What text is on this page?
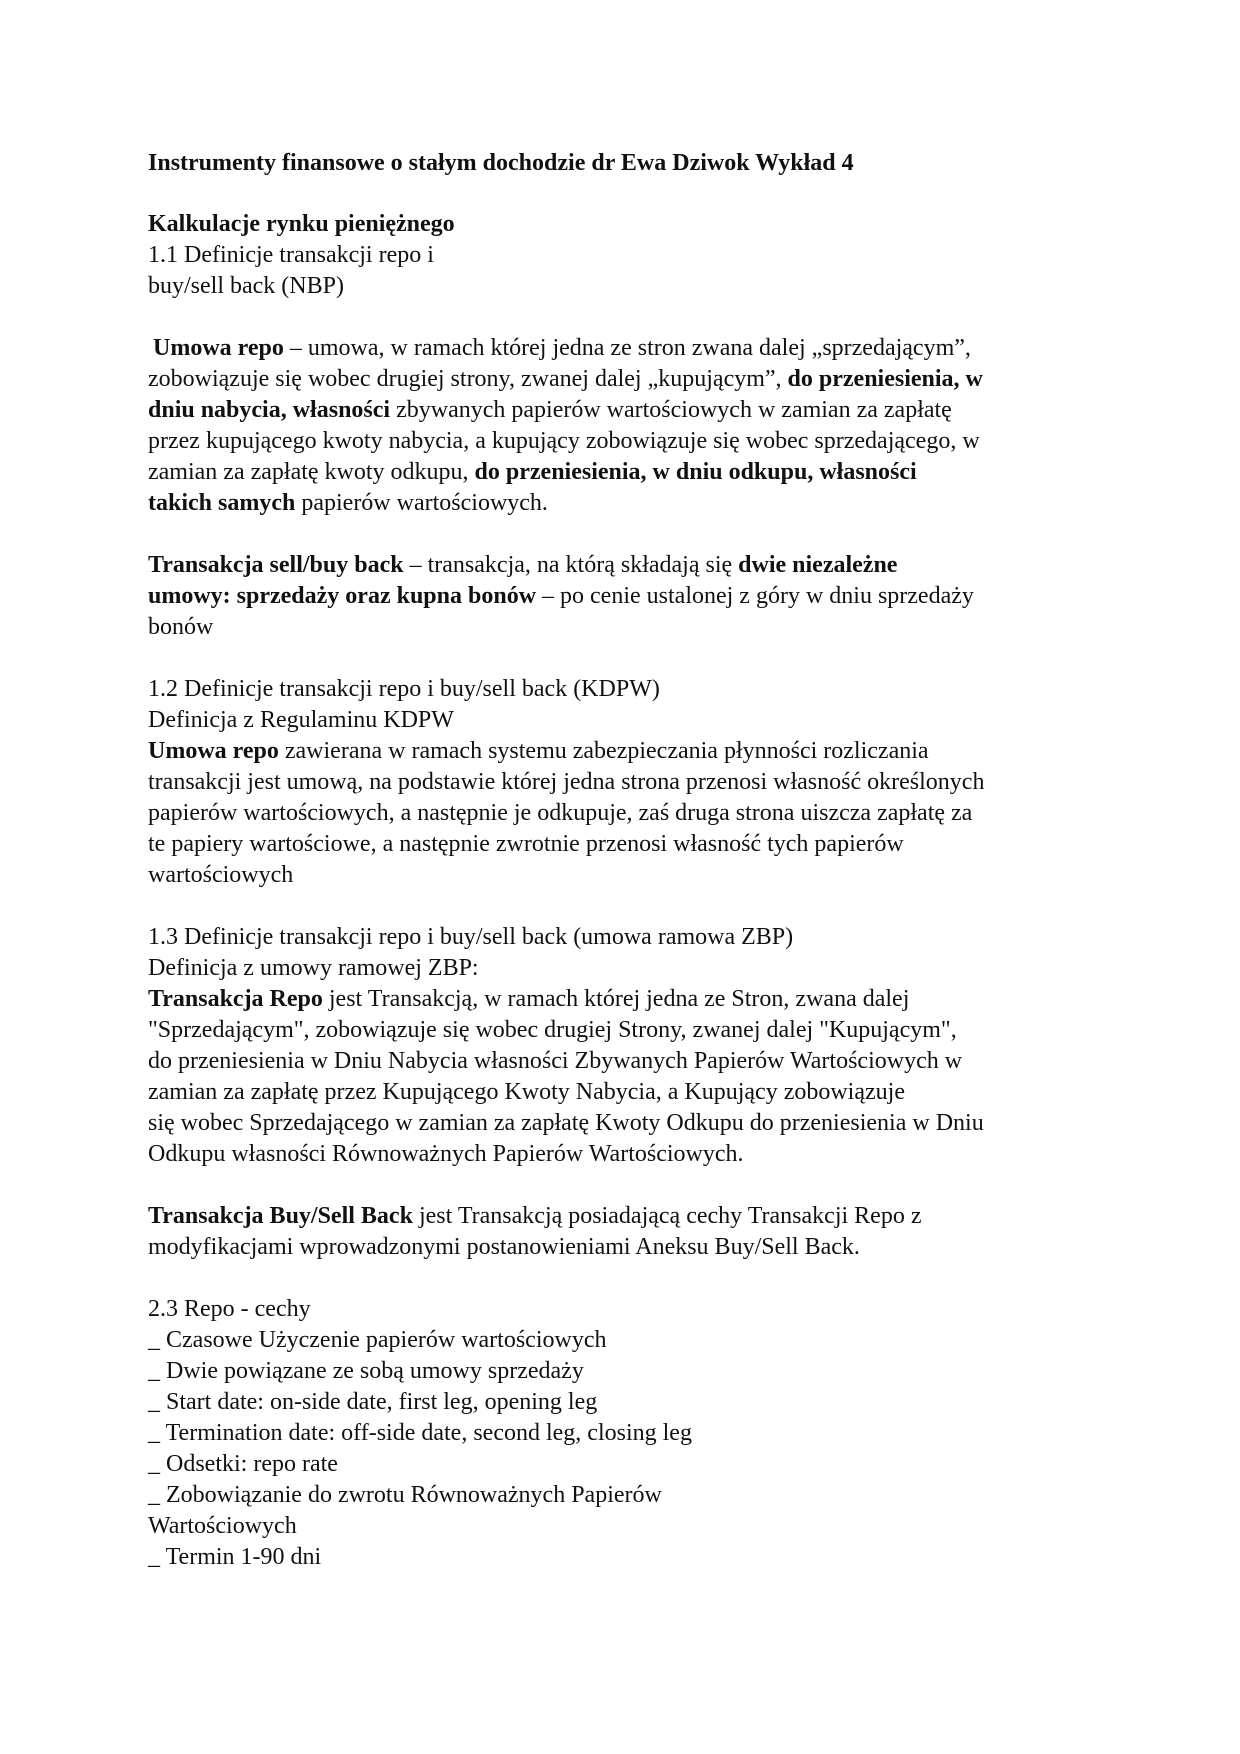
Instrumenty finansowe o stałym dochodzie dr Ewa Dziwok Wykład 4

Kalkulacje rynku pieniężnego
1.1 Definicje transakcji repo i
buy/sell back (NBP)
Umowa repo – umowa, w ramach której jedna ze stron zwana dalej „sprzedającym”,
zobowiązuje się wobec drugiej strony, zwanej dalej „kupującym”, do przeniesienia, w
dniu nabycia, własności zbywanych papierów wartościowych w zamian za zapłatę
przez kupującego kwoty nabycia, a kupujący zobowiązuje się wobec sprzedającego, w
zamian za zapłatę kwoty odkupu, do przeniesienia, w dniu odkupu, własności
takich samych papierów wartościowych.
Transakcja sell/buy back – transakcja, na którą składają się dwie niezależne
umowy: sprzedaży oraz kupna bonów – po cenie ustalonej z góry w dniu sprzedaży
bonów
1.2 Definicje transakcji repo i buy/sell back (KDPW)
Definicja z Regulaminu KDPW
Umowa repo zawierana w ramach systemu zabezpieczania płynności rozliczania
transakcji jest umową, na podstawie której jedna strona przenosi własność określonych
papierów wartościowych, a następnie je odkupuje, zaś druga strona uiszcza zapłatę za
te papiery wartościowe, a następnie zwrotnie przenosi własność tych papierów
wartościowych
1.3 Definicje transakcji repo i buy/sell back (umowa ramowa ZBP)
Definicja z umowy ramowej ZBP:
Transakcja Repo jest Transakcją, w ramach której jedna ze Stron, zwana dalej
"Sprzedającym", zobowiązuje się wobec drugiej Strony, zwanej dalej "Kupującym",
do przeniesienia w Dniu Nabycia własności Zbywanych Papierów Wartościowych w
zamian za zapłatę przez Kupującego Kwoty Nabycia, a Kupujący zobowiązuje
się wobec Sprzedającego w zamian za zapłatę Kwoty Odkupu do przeniesienia w Dniu
Odkupu własności Równoważnych Papierów Wartościowych.
Transakcja Buy/Sell Back jest Transakcją posiadającą cechy Transakcji Repo z
modyfikacjami wprowadzonymi postanowieniami Aneksu Buy/Sell Back.
2.3 Repo - cechy
_ Czasowe Użyczenie papierów wartościowych
_ Dwie powiązane ze sobą umowy sprzedaży
_ Start date: on-side date, first leg, opening leg
_ Termination date: off-side date, second leg, closing leg
_ Odsetki: repo rate
_ Zobowiązanie do zwrotu Równoważnych Papierów
Wartościowych
_ Termin 1-90 dni
